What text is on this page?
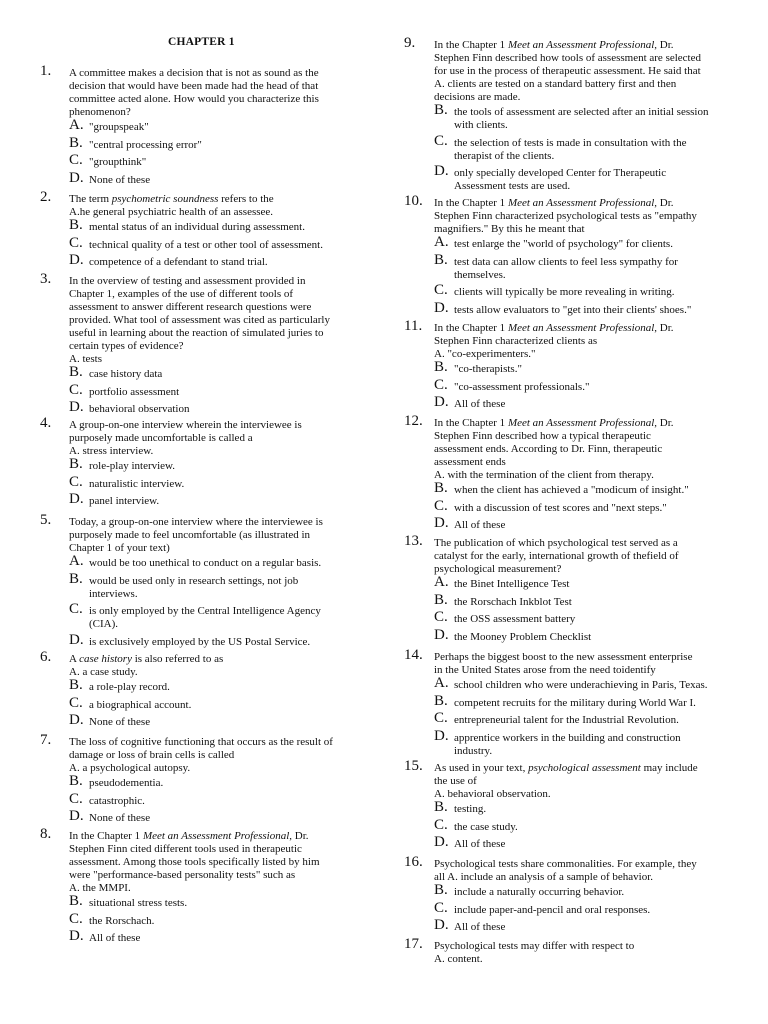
CHAPTER 1
1. A committee makes a decision that is not as sound as the
decision that would have been made had the head of that
committee acted alone. How would you characterize this
phenomenon?
A. "groupspeak"
B. "central processing error"
C. "groupthink"
D. None of these
2. The term psychometric soundness refers to the
A.he general psychiatric health of an assessee.
B. mental status of an individual during assessment.
C. technical quality of a test or other tool of assessment.
D. competence of a defendant to stand trial.
3. In the overview of testing and assessment provided in
Chapter 1, examples of the use of different tools of
assessment to answer different research questions were
provided. What tool of assessment was cited as particularly
useful in learning about the reaction of simulated juries to
certain types of evidence?
A. tests
B. case history data
C. portfolio assessment
D. behavioral observation
4. A group-on-one interview wherein the interviewee is
purposely made uncomfortable is called a
A. stress interview.
B. role-play interview.
C. naturalistic interview.
D. panel interview.
5. Today, a group-on-one interview where the interviewee is
purposely made to feel uncomfortable (as illustrated in
Chapter 1 of your text)
A. would be too unethical to conduct on a regular basis.
B. would be used only in research settings, not job
interviews.
C. is only employed by the Central Intelligence Agency
(CIA).
D. is exclusively employed by the US Postal Service.
6. A case history is also referred to as
A. a case study.
B. a role-play record.
C. a biographical account.
D. None of these
7. The loss of cognitive functioning that occurs as the result of
damage or loss of brain cells is called
A. a psychological autopsy.
B. pseudodementia.
C. catastrophic.
D. None of these
8. In the Chapter 1 Meet an Assessment Professional, Dr.
Stephen Finn cited different tools used in therapeutic
assessment. Among those tools specifically listed by him
were "performance-based personality tests" such as
A. the MMPI.
B. situational stress tests.
C. the Rorschach.
D. All of these
9. In the Chapter 1 Meet an Assessment Professional, Dr.
Stephen Finn described how tools of assessment are selected
for use in the process of therapeutic assessment. He said that
A. clients are tested on a standard battery first and then
decisions are made.
B. the tools of assessment are selected after an initial session
with clients.
C. the selection of tests is made in consultation with the
therapist of the clients.
D. only specially developed Center for Therapeutic
Assessment tests are used.
10. In the Chapter 1 Meet an Assessment Professional, Dr.
Stephen Finn characterized psychological tests as "empathy
magnifiers." By this he meant that
A. test enlarge the "world of psychology" for clients.
B. test data can allow clients to feel less sympathy for
themselves.
C. clients will typically be more revealing in writing.
D. tests allow evaluators to "get into their clients' shoes."
11. In the Chapter 1 Meet an Assessment Professional, Dr.
Stephen Finn characterized clients as
A. "co-experimenters."
B. "co-therapists."
C. "co-assessment professionals."
D. All of these
12. In the Chapter 1 Meet an Assessment Professional, Dr.
Stephen Finn described how a typical therapeutic
assessment ends. According to Dr. Finn, therapeutic
assessment ends
A. with the termination of the client from therapy.
B. when the client has achieved a "modicum of insight."
C. with a discussion of test scores and "next steps."
D. All of these
13. The publication of which psychological test served as a
catalyst for the early, international growth of thefield of
psychological measurement?
A. the Binet Intelligence Test
B. the Rorschach Inkblot Test
C. the OSS assessment battery
D. the Mooney Problem Checklist
14. Perhaps the biggest boost to the new assessment enterprise
in the United States arose from the need toidentify
A. school children who were underachieving in Paris, Texas.
B. competent recruits for the military during World War I.
C. entrepreneurial talent for the Industrial Revolution.
D. apprentice workers in the building and construction
industry.
15. As used in your text, psychological assessment may include
the use of
A. behavioral observation.
B. testing.
C. the case study.
D. All of these
16. Psychological tests share commonalities. For example, they
all A. include an analysis of a sample of behavior.
B. include a naturally occurring behavior.
C. include paper-and-pencil and oral responses.
D. All of these
17. Psychological tests may differ with respect to
A. content.
